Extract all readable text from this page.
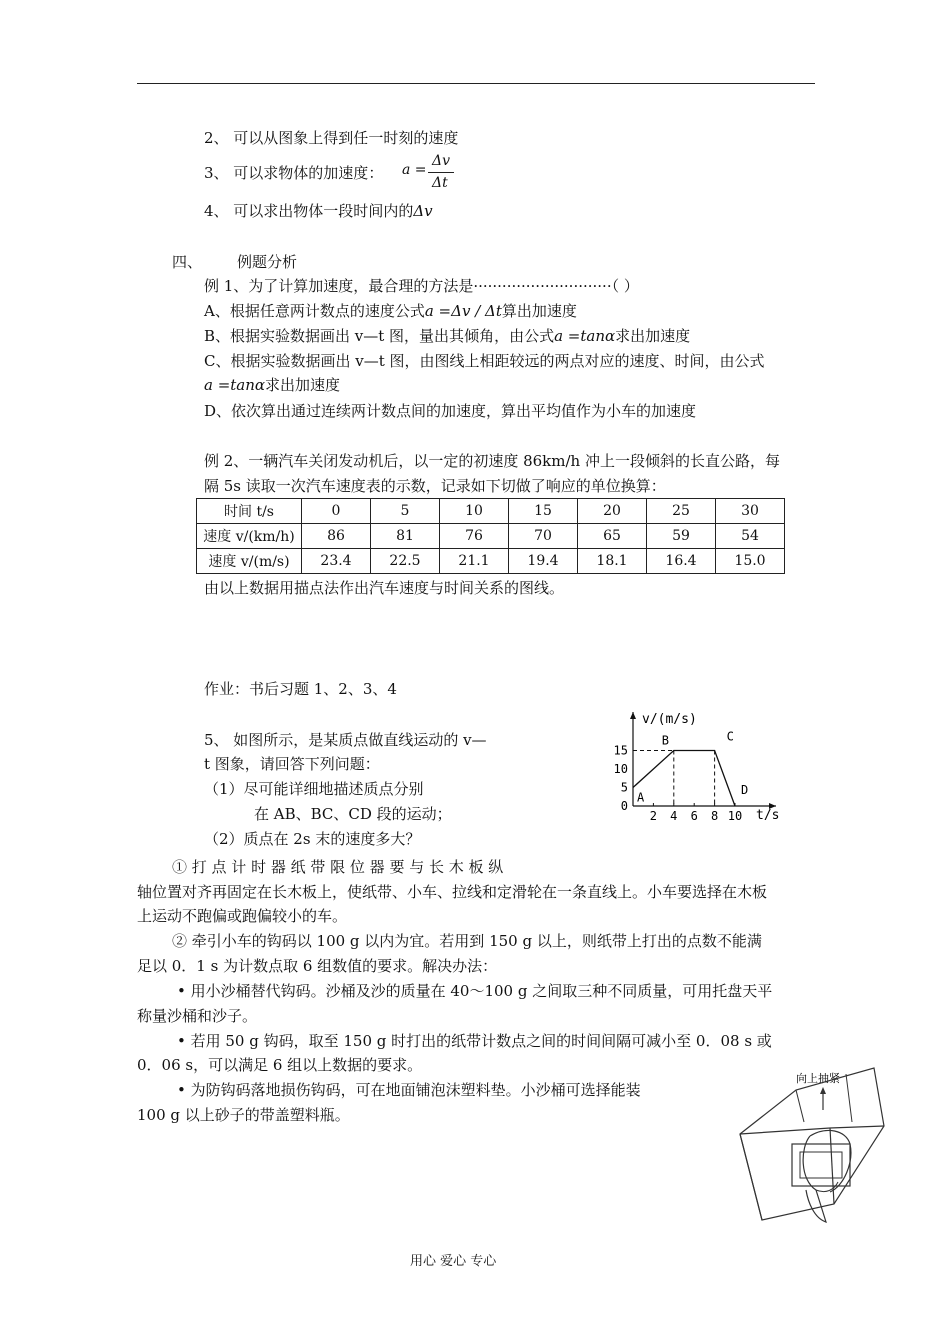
2、 可以从图象上得到任一时刻的速度
3、 可以求物体的加速度： a =
Δv
Δt
4、 可以求出物体一段时间内的Δv
四、 例题分析
例 1、为了计算加速度，最合理的方法是·····························（ ）
A、根据任意两计数点的速度公式a =Δv / Δt算出加速度
B、根据实验数据画出 v—t 图，量出其倾角，由公式a =tanα求出加速度
C、根据实验数据画出 v—t 图，由图线上相距较远的两点对应的速度、时间，由公式
a =tanα求出加速度
D、依次算出通过连续两计数点间的加速度，算出平均值作为小车的加速度
例 2、一辆汽车关闭发动机后，以一定的初速度 86km/h 冲上一段倾斜的长直公路，每
隔 5s 读取一次汽车速度表的示数，记录如下切做了响应的单位换算：
时间 t/s	0	5	10	15	20	25	30
速度 v/(km/h)	86	81	76	70	65	59	54
速度 v/(m/s)	23.4	22.5	21.1	19.4	18.1	16.4	15.0
由以上数据用描点法作出汽车速度与时间关系的图线。
作业：书后习题 1、2、3、4
5、 如图所示，是某质点做直线运动的 v—
t 图象，请回答下列问题：
（1）尽可能详细地描述质点分别
在 AB、BC、CD 段的运动；
（2）质点在 2s 末的速度多大？
v/(m/s)
t/s
2 4 6 8 10
0
5
10
15
A
B	C
D
① 打 点 计 时 器 纸 带 限 位 器 要 与 长 木 板 纵
轴位置对齐再固定在长木板上，使纸带、小车、拉线和定滑轮在一条直线上。小车要选择在木板
上运动不跑偏或跑偏较小的车。
② 牵引小车的钩码以 100 g 以内为宜。若用到 150 g 以上，则纸带上打出的点数不能满
足以 0．1 s 为计数点取 6 组数值的要求。解决办法：
• 用小沙桶替代钩码。沙桶及沙的质量在 40～100 g 之间取三种不同质量，可用托盘天平
称量沙桶和沙子。
• 若用 50 g 钩码，取至 150 g 时打出的纸带计数点之间的时间间隔可减小至 0．08 s 或
0．06 s，可以满足 6 组以上数据的要求。
• 为防钩码落地损伤钩码，可在地面铺泡沫塑料垫。小沙桶可选择能装
100 g 以上砂子的带盖塑料瓶。
向上抽紧
用心 爱心 专心
